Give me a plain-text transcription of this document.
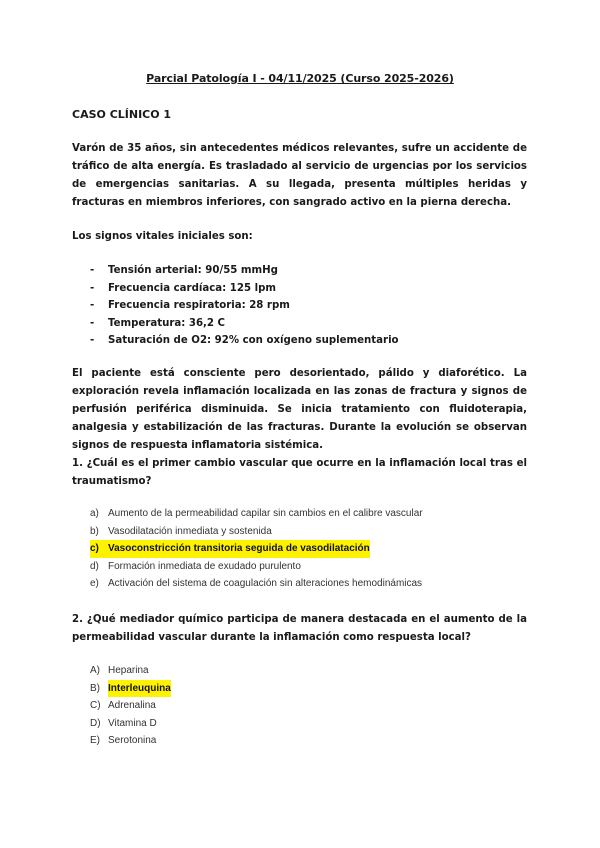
Parcial Patología I - 04/11/2025 (Curso 2025-2026)
CASO CLÍNICO 1

Varón de 35 años, sin antecedentes médicos relevantes, sufre un accidente de tráfico de alta energía. Es trasladado al servicio de urgencias por los servicios de emergencias sanitarias. A su llegada, presenta múltiples heridas y fracturas en miembros inferiores, con sangrado activo en la pierna derecha.

Los signos vitales iniciales son:

-	Tensión arterial: 90/55 mmHg
-	Frecuencia cardíaca: 125 lpm
-	Frecuencia respiratoria: 28 rpm
-	Temperatura: 36,2 C
-	Saturación de O2: 92% con oxígeno suplementario

El paciente está consciente pero desorientado, pálido y diaforético. La exploración revela inflamación localizada en las zonas de fractura y signos de perfusión periférica disminuida. Se inicia tratamiento con fluidoterapia, analgesia y estabilización de las fracturas. Durante la evolución se observan signos de respuesta inflamatoria sistémica.

1. ¿Cuál es el primer cambio vascular que ocurre en la inflamación local tras el traumatismo?

a) Aumento de la permeabilidad capilar sin cambios en el calibre vascular
b) Vasodilatación inmediata y sostenida
c) Vasoconstricción transitoria seguida de vasodilatación
d) Formación inmediata de exudado purulento
e) Activación del sistema de coagulación sin alteraciones hemodinámicas

2. ¿Qué mediador químico participa de manera destacada en el aumento de la permeabilidad vascular durante la inflamación como respuesta local?

A) Heparina
B) Interleuquina
C) Adrenalina
D) Vitamina D
E) Serotonina
